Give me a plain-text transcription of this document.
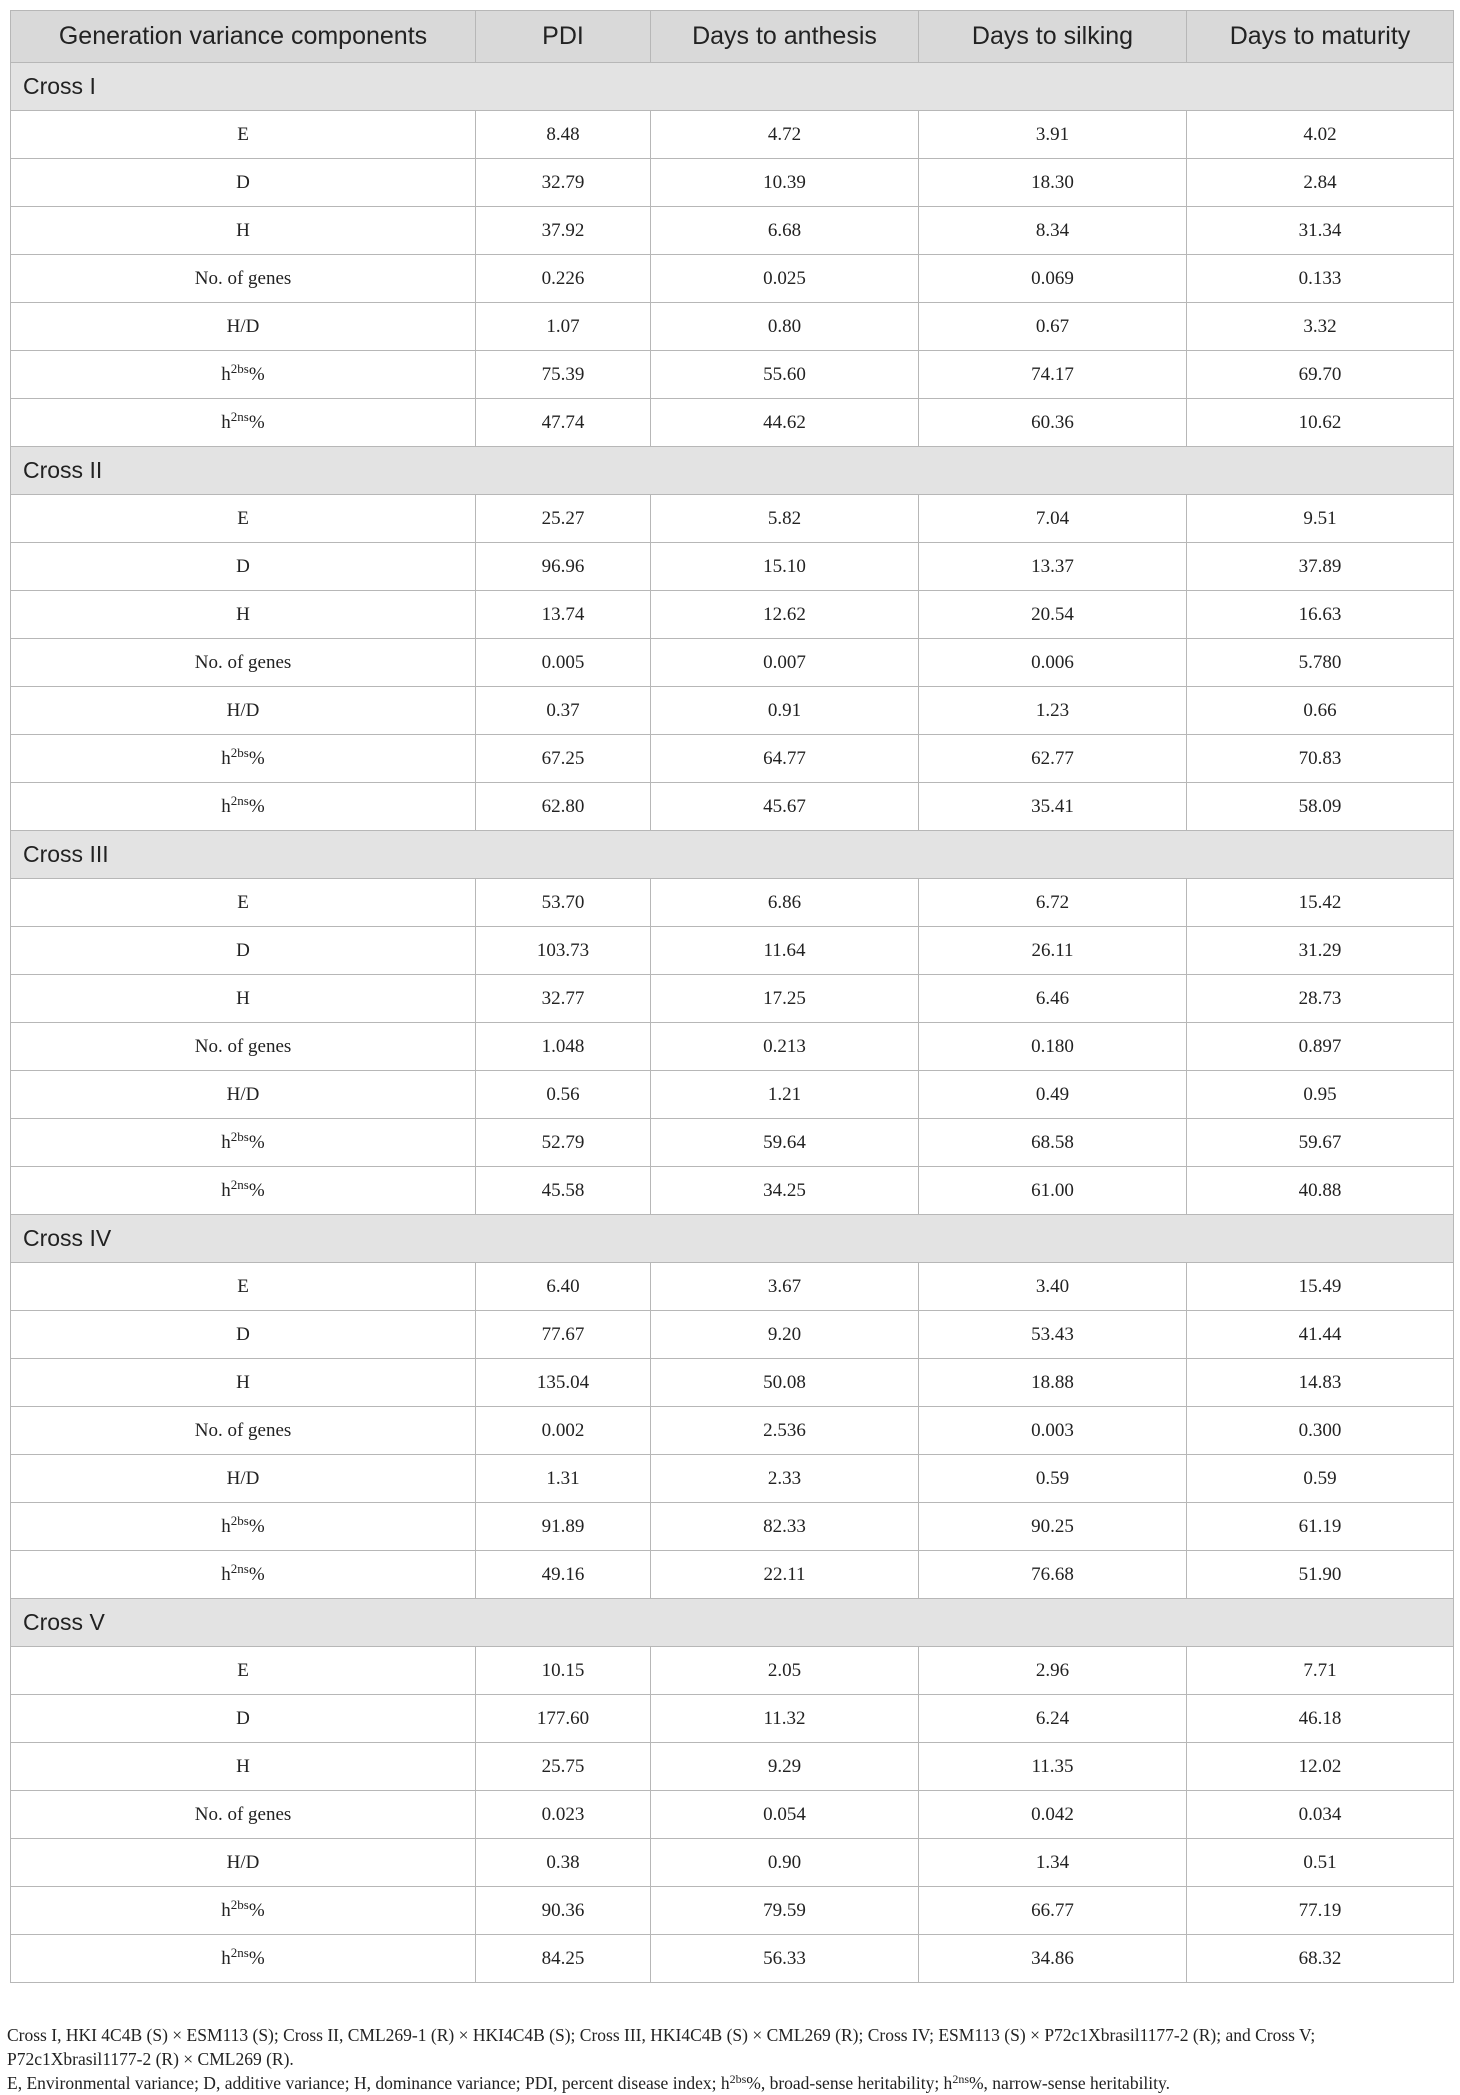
Generation variance components	PDI	Days to anthesis	Days to silking	Days to maturity
Cross I				
E	8.48	4.72	3.91	4.02
D	32.79	10.39	18.30	2.84
H	37.92	6.68	8.34	31.34
No. of genes	0.226	0.025	0.069	0.133
H/D	1.07	0.80	0.67	3.32
$h^{2bs}\%$	75.39	55.60	74.17	69.70
$h^{2ns}\%$	47.74	44.62	60.36	10.62
Cross II				
E	25.27	5.82	7.04	9.51
D	96.96	15.10	13.37	37.89
H	13.74	12.62	20.54	16.63
No. of genes	0.005	0.007	0.006	5.780
H/D	0.37	0.91	1.23	0.66
$h^{2bs}\%$	67.25	64.77	62.77	70.83
$h^{2ns}\%$	62.80	45.67	35.41	58.09
Cross III				
E	53.70	6.86	6.72	15.42
D	103.73	11.64	26.11	31.29
H	32.77	17.25	6.46	28.73
No. of genes	1.048	0.213	0.180	0.897
H/D	0.56	1.21	0.49	0.95
$h^{2bs}\%$	52.79	59.64	68.58	59.67
$h^{2ns}\%$	45.58	34.25	61.00	40.88
Cross IV				
E	6.40	3.67	3.40	15.49
D	77.67	9.20	53.43	41.44
H	135.04	50.08	18.88	14.83
No. of genes	0.002	2.536	0.003	0.300
H/D	1.31	2.33	0.59	0.59
$h^{2bs}\%$	91.89	82.33	90.25	61.19
$h^{2ns}\%$	49.16	22.11	76.68	51.90
Cross V				
E	10.15	2.05	2.96	7.71
D	177.60	11.32	6.24	46.18
H	25.75	9.29	11.35	12.02
No. of genes	0.023	0.054	0.042	0.034
H/D	0.38	0.90	1.34	0.51
$h^{2bs}\%$	90.36	79.59	66.77	77.19
$h^{2ns}\%$	84.25	56.33	34.86	68.32

Cross I, HKI 4C4B (S) × ESM113 (S); Cross II, CML269-1 (R) × HKI4C4B (S); Cross III, HKI4C4B (S) × CML269 (R); Cross IV; ESM113 (S) × P72c1Xbrasil1177-2 (R); and Cross V; P72c1Xbrasil1177-2 (R) × CML269 (R).

E, Environmental variance; D, additive variance; H, dominance variance; PDI, percent disease index; $h^{2bs}\%$, broad-sense heritability; $h^{2ns}\%$, narrow-sense heritability.
